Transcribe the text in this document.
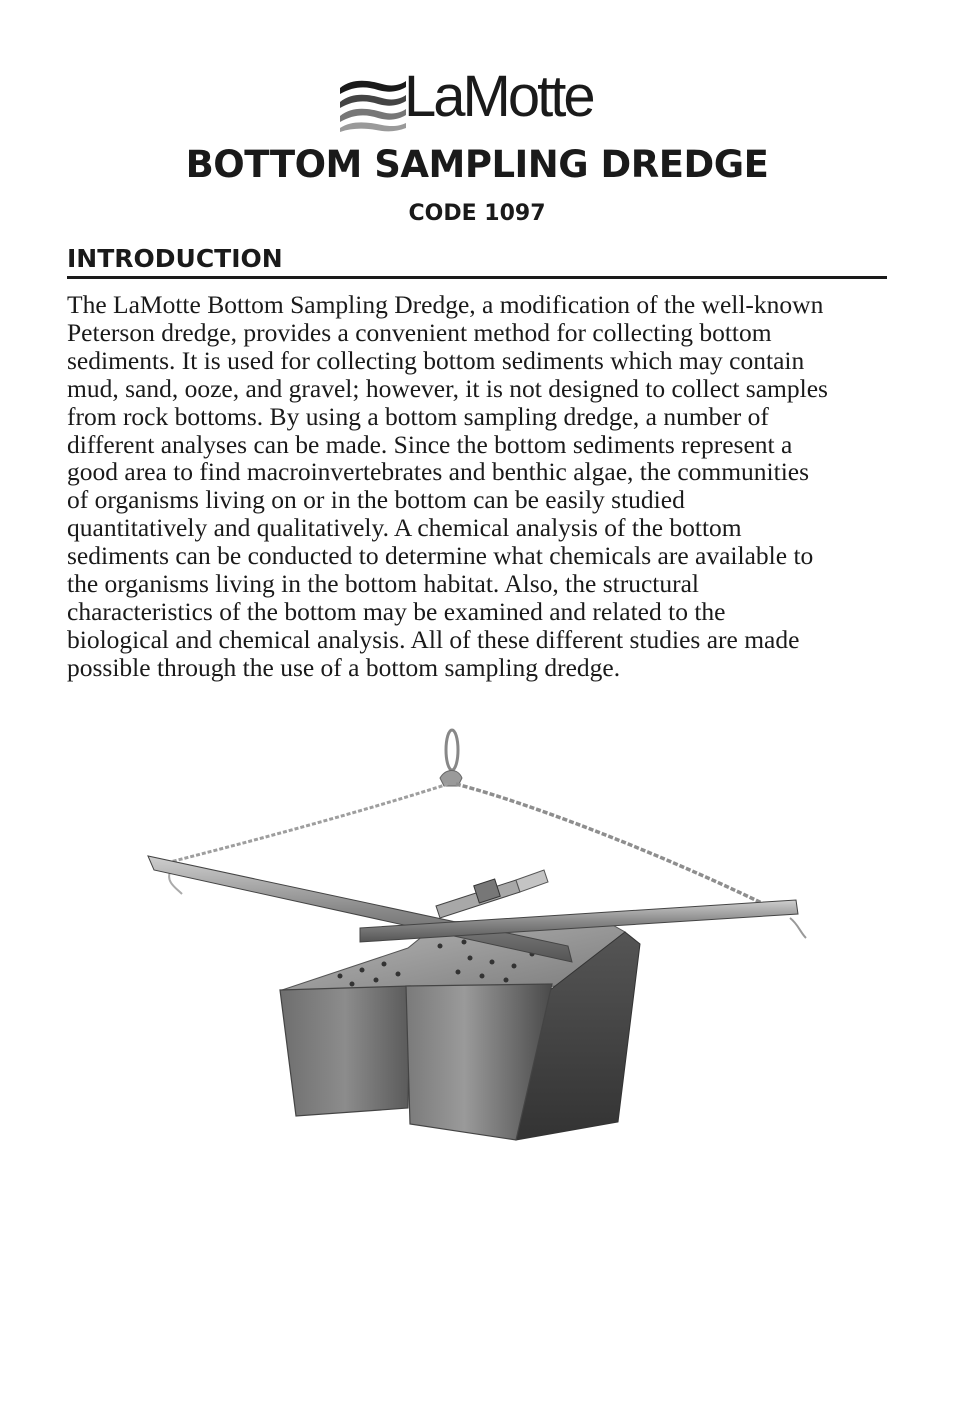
LaMotte
BOTTOM SAMPLING DREDGE
CODE 1097
INTRODUCTION

The LaMotte Bottom Sampling Dredge, a modification of the well-known
Peterson dredge, provides a convenient method for collecting bottom
sediments. It is used for collecting bottom sediments which may contain
mud, sand, ooze, and gravel; however, it is not designed to collect samples
from rock bottoms. By using a bottom sampling dredge, a number of
different analyses can be made. Since the bottom sediments represent a
good area to find macroinvertebrates and benthic algae, the communities
of organisms living on or in the bottom can be easily studied
quantitatively and qualitatively. A chemical analysis of the bottom
sediments can be conducted to determine what chemicals are available to
the organisms living in the bottom habitat. Also, the structural
characteristics of the bottom may be examined and related to the
biological and chemical analysis. All of these different studies are made
possible through the use of a bottom sampling dredge.
